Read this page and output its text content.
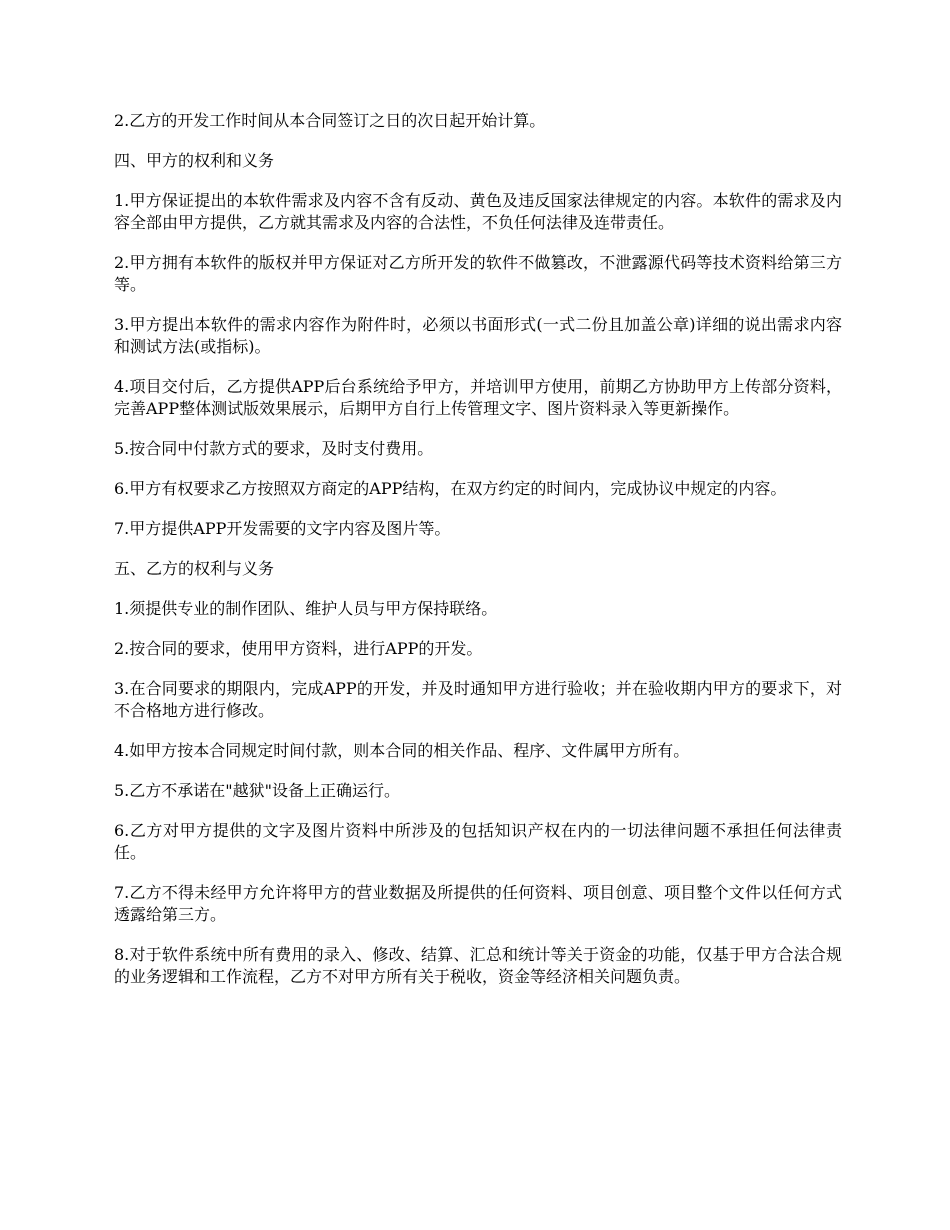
2.乙方的开发工作时间从本合同签订之日的次日起开始计算。

四、甲方的权利和义务

1.甲方保证提出的本软件需求及内容不含有反动、黄色及违反国家法律规定的内容。本软件的需求及内容全部由甲方提供，乙方就其需求及内容的合法性，不负任何法律及连带责任。

2.甲方拥有本软件的版权并甲方保证对乙方所开发的软件不做篡改，不泄露源代码等技术资料给第三方等。

3.甲方提出本软件的需求内容作为附件时，必须以书面形式(一式二份且加盖公章)详细的说出需求内容和测试方法(或指标)。

4.项目交付后，乙方提供APP后台系统给予甲方，并培训甲方使用，前期乙方协助甲方上传部分资料，完善APP整体测试版效果展示，后期甲方自行上传管理文字、图片资料录入等更新操作。

5.按合同中付款方式的要求，及时支付费用。

6.甲方有权要求乙方按照双方商定的APP结构，在双方约定的时间内，完成协议中规定的内容。

7.甲方提供APP开发需要的文字内容及图片等。

五、乙方的权利与义务

1.须提供专业的制作团队、维护人员与甲方保持联络。

2.按合同的要求，使用甲方资料，进行APP的开发。

3.在合同要求的期限内，完成APP的开发，并及时通知甲方进行验收；并在验收期内甲方的要求下，对不合格地方进行修改。

4.如甲方按本合同规定时间付款，则本合同的相关作品、程序、文件属甲方所有。

5.乙方不承诺在"越狱"设备上正确运行。

6.乙方对甲方提供的文字及图片资料中所涉及的包括知识产权在内的一切法律问题不承担任何法律责任。

7.乙方不得未经甲方允许将甲方的营业数据及所提供的任何资料、项目创意、项目整个文件以任何方式透露给第三方。

8.对于软件系统中所有费用的录入、修改、结算、汇总和统计等关于资金的功能，仅基于甲方合法合规的业务逻辑和工作流程，乙方不对甲方所有关于税收，资金等经济相关问题负责。
